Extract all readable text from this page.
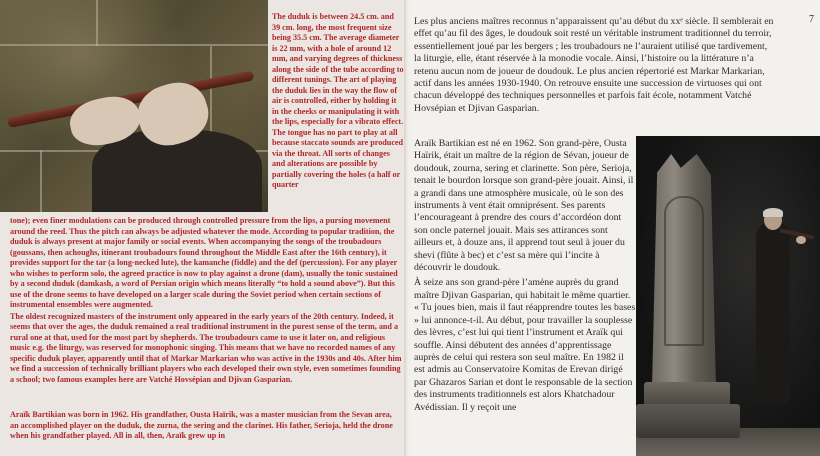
The duduk is between 24.5 cm. and 39 cm. long, the most frequent size being 35.5 cm. The average diameter is 22 mm, with a hole of around 12 mm, and varying degrees of thickness along the side of the tube according to different tunings. The art of playing the duduk lies in the way the flow of air is controlled, either by holding it in the cheeks or manipulating it with the lips, especially for a vibrato effect. The tongue has no part to play at all because staccato sounds are produced via the throat. All sorts of changes and alterations are possible by partially covering the holes (a half or quarter

tone); even finer modulations can be produced through controlled pressure from the lips, a pursing movement around the reed. Thus the pitch can always be adjusted whatever the mode. According to popular tradition, the duduk is always present at major family or social events. When accompanying the songs of the troubadours (goussans, then achoughs, itinerant troubadours found throughout the Middle East after the 16th century), it provides support for the tar (a long-necked lute), the kamanche (fiddle) and the def (percussion). For any player who wishes to perform solo, the agreed practice is now to play against a drone (dam), usually the tonic sustained by a second duduk (damkash, a word of Persian origin which means literally “to hold a sound above”). But this use of the drone seems to have developed on a larger scale during the Soviet period when certain sections of instrumental ensembles were augmented.

The oldest recognized masters of the instrument only appeared in the early years of the 20th century. Indeed, it seems that over the ages, the duduk remained a real traditional instrument in the purest sense of the term, and a rural one at that, used for the most part by shepherds. The troubadours came to use it later on, and religious music e.g. the liturgy, was reserved for monophonic singing. This means that we have no recorded names of any specific duduk player, apparently until that of Markar Markarian who was active in the 1930s and 40s. After him we find a succession of technically brilliant players who each developed their own style, even sometimes founding a school; two famous examples here are Vatché Hovsépian and Djivan Gasparian.

Araïk Bartikian was born in 1962. His grandfather, Ousta Haïrik, was a master musician from the Sevan area, an accomplished player on the duduk, the zurna, the sering and the clarinet. His father, Serioja, held the drone when his grandfather played. All in all, then, Araïk grew up in
7
Les plus anciens maîtres reconnus n’apparaissent qu’au début du xxᵉ siècle. Il semblerait en effet qu’au fil des âges, le doudouk soit resté un véritable instrument traditionnel du terroir, essentiellement joué par les bergers ; les troubadours ne l’auraient utilisé que tardivement, la liturgie, elle, étant réservée à la monodie vocale. Ainsi, l’histoire ou la littérature n’a retenu aucun nom de joueur de doudouk. Le plus ancien répertorié est Markar Markarian, actif dans les années 1930-1940. On retrouve ensuite une succession de virtuoses qui ont chacun développé des techniques personnelles et parfois fait école, notamment Vatché Hovsépian et Djivan Gasparian.

Araïk Bartikian est né en 1962. Son grand-père, Ousta Haïrik, était un maître de la région de Sévan, joueur de doudouk, zourna, sering et clarinette. Son père, Serioja, tenait le bourdon lorsque son grand-père jouait. Ainsi, il a grandi dans une atmosphère musicale, où le son des instruments à vent était omniprésent. Ses parents l’encourageant à prendre des cours d’accordéon dont son oncle paternel jouait. Mais ses attirances sont ailleurs et, à douze ans, il apprend tout seul à jouer du shevi (flûte à bec) et c’est sa mère qui l’incite à découvrir le doudouk.

À seize ans son grand-père l’amène auprès du grand maître Djivan Gasparian, qui habitait le même quartier. « Tu joues bien, mais il faut réapprendre toutes les bases » lui annonce-t-il. Au début, pour travailler la souplesse des lèvres, c’est lui qui tient l’instrument et Araïk qui souffle. Ainsi débutent des années d’apprentissage auprès de celui qui restera son seul maître. En 1982 il est admis au Conservatoire Komitas de Erevan dirigé par Ghazaros Sarian et dont le responsable de la section des instruments traditionnels est alors Khatchadour Avédissian. Il y reçoit une
